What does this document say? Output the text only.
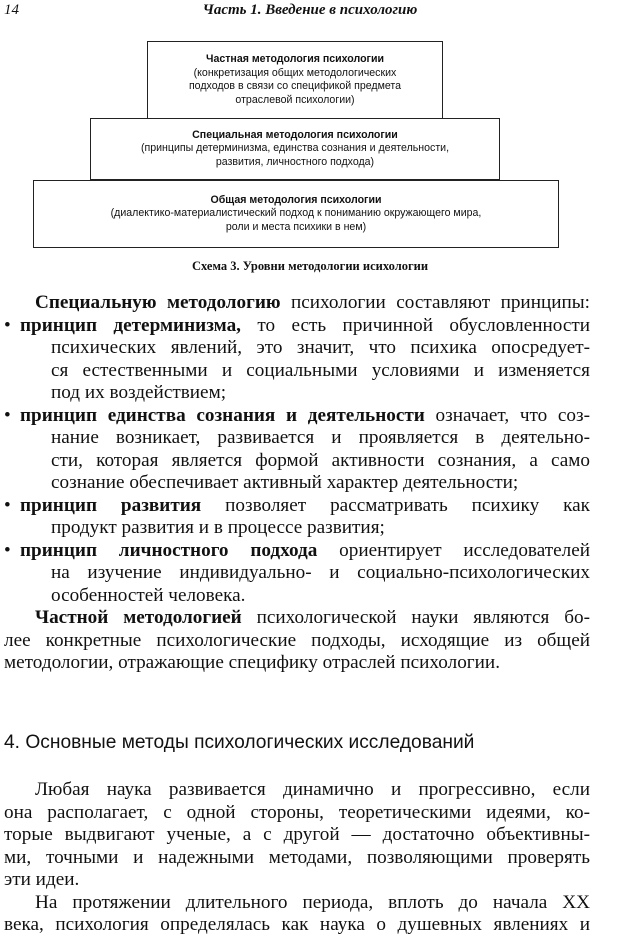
14	Часть 1. Введение в психологию
Частная методология психологии
(конкретизация общих методологических
подходов в связи со спецификой предмета
отраслевой психологии)
Специальная методология психологии
(принципы детерминизма, единства сознания и деятельности,
развития, личностного подхода)
Общая методология психологии
(диалектико-материалистический подход к пониманию окружающего мира,
роли и места психики в нем)
Схема 3. Уровни методологии исихологии
Специальную методологию психологии составляют принципы:
• принцип детерминизма, то есть причинной обусловленности
психических явлений, это значит, что психика опосредует-
ся естественными и социальными условиями и изменяется
под их воздействием;
• принцип единства сознания и деятельности означает, что соз-
нание возникает, развивается и проявляется в деятельно-
сти, которая является формой активности сознания, а само
сознание обеспечивает активный характер деятельности;
• принцип развития позволяет рассматривать психику как
продукт развития и в процессе развития;
• принцип личностного подхода ориентирует исследователей
на изучение индивидуально- и социально-психологических
особенностей человека.
Частной методологией психологической науки являются бо-
лее конкретные психологические подходы, исходящие из общей
методологии, отражающие специфику отраслей психологии.
4. Основные методы психологических исследований
Любая наука развивается динамично и прогрессивно, если
она располагает, с одной стороны, теоретическими идеями, ко-
торые выдвигают ученые, а с другой — достаточно объективны-
ми, точными и надежными методами, позволяющими проверять
эти идеи.
На протяжении длительного периода, вплоть до начала XX
века, психология определялась как наука о душевных явлениях и
